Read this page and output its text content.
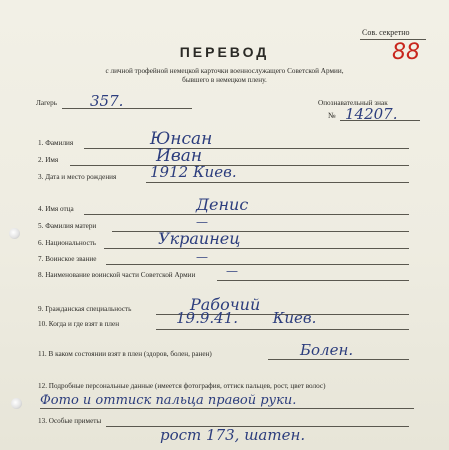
Сов. секретно
88
ПЕРЕВОД
с личной трофейной немецкой карточки военнослужащего Советской Армии,
бывшего в немецком плену.
Лагерь 357.	Опознавательный знак
№ 14207.
1. Фамилия	Юнсан
2. Имя	Иван
3. Дата и место рождения 1912 Киев.
4. Имя отца	Денис
5. Фамилия матери	—
6. Национальность	Украинец
7. Воинское звание	—
8. Наименование воинской части Советской Армии	—
9. Гражданская специальность	Рабочий
10. Когда и где взят в плен	19.9.41. Киев.
11. В каком состоянии взят в плен (здоров, болен, ранен)	Болен.
12. Подробные персональные данные (имеется фотография, оттиск пальцев, рост, цвет волос)
Фото и оттиск пальца правой руки.
13. Особые приметы
рост 173, шатен.
